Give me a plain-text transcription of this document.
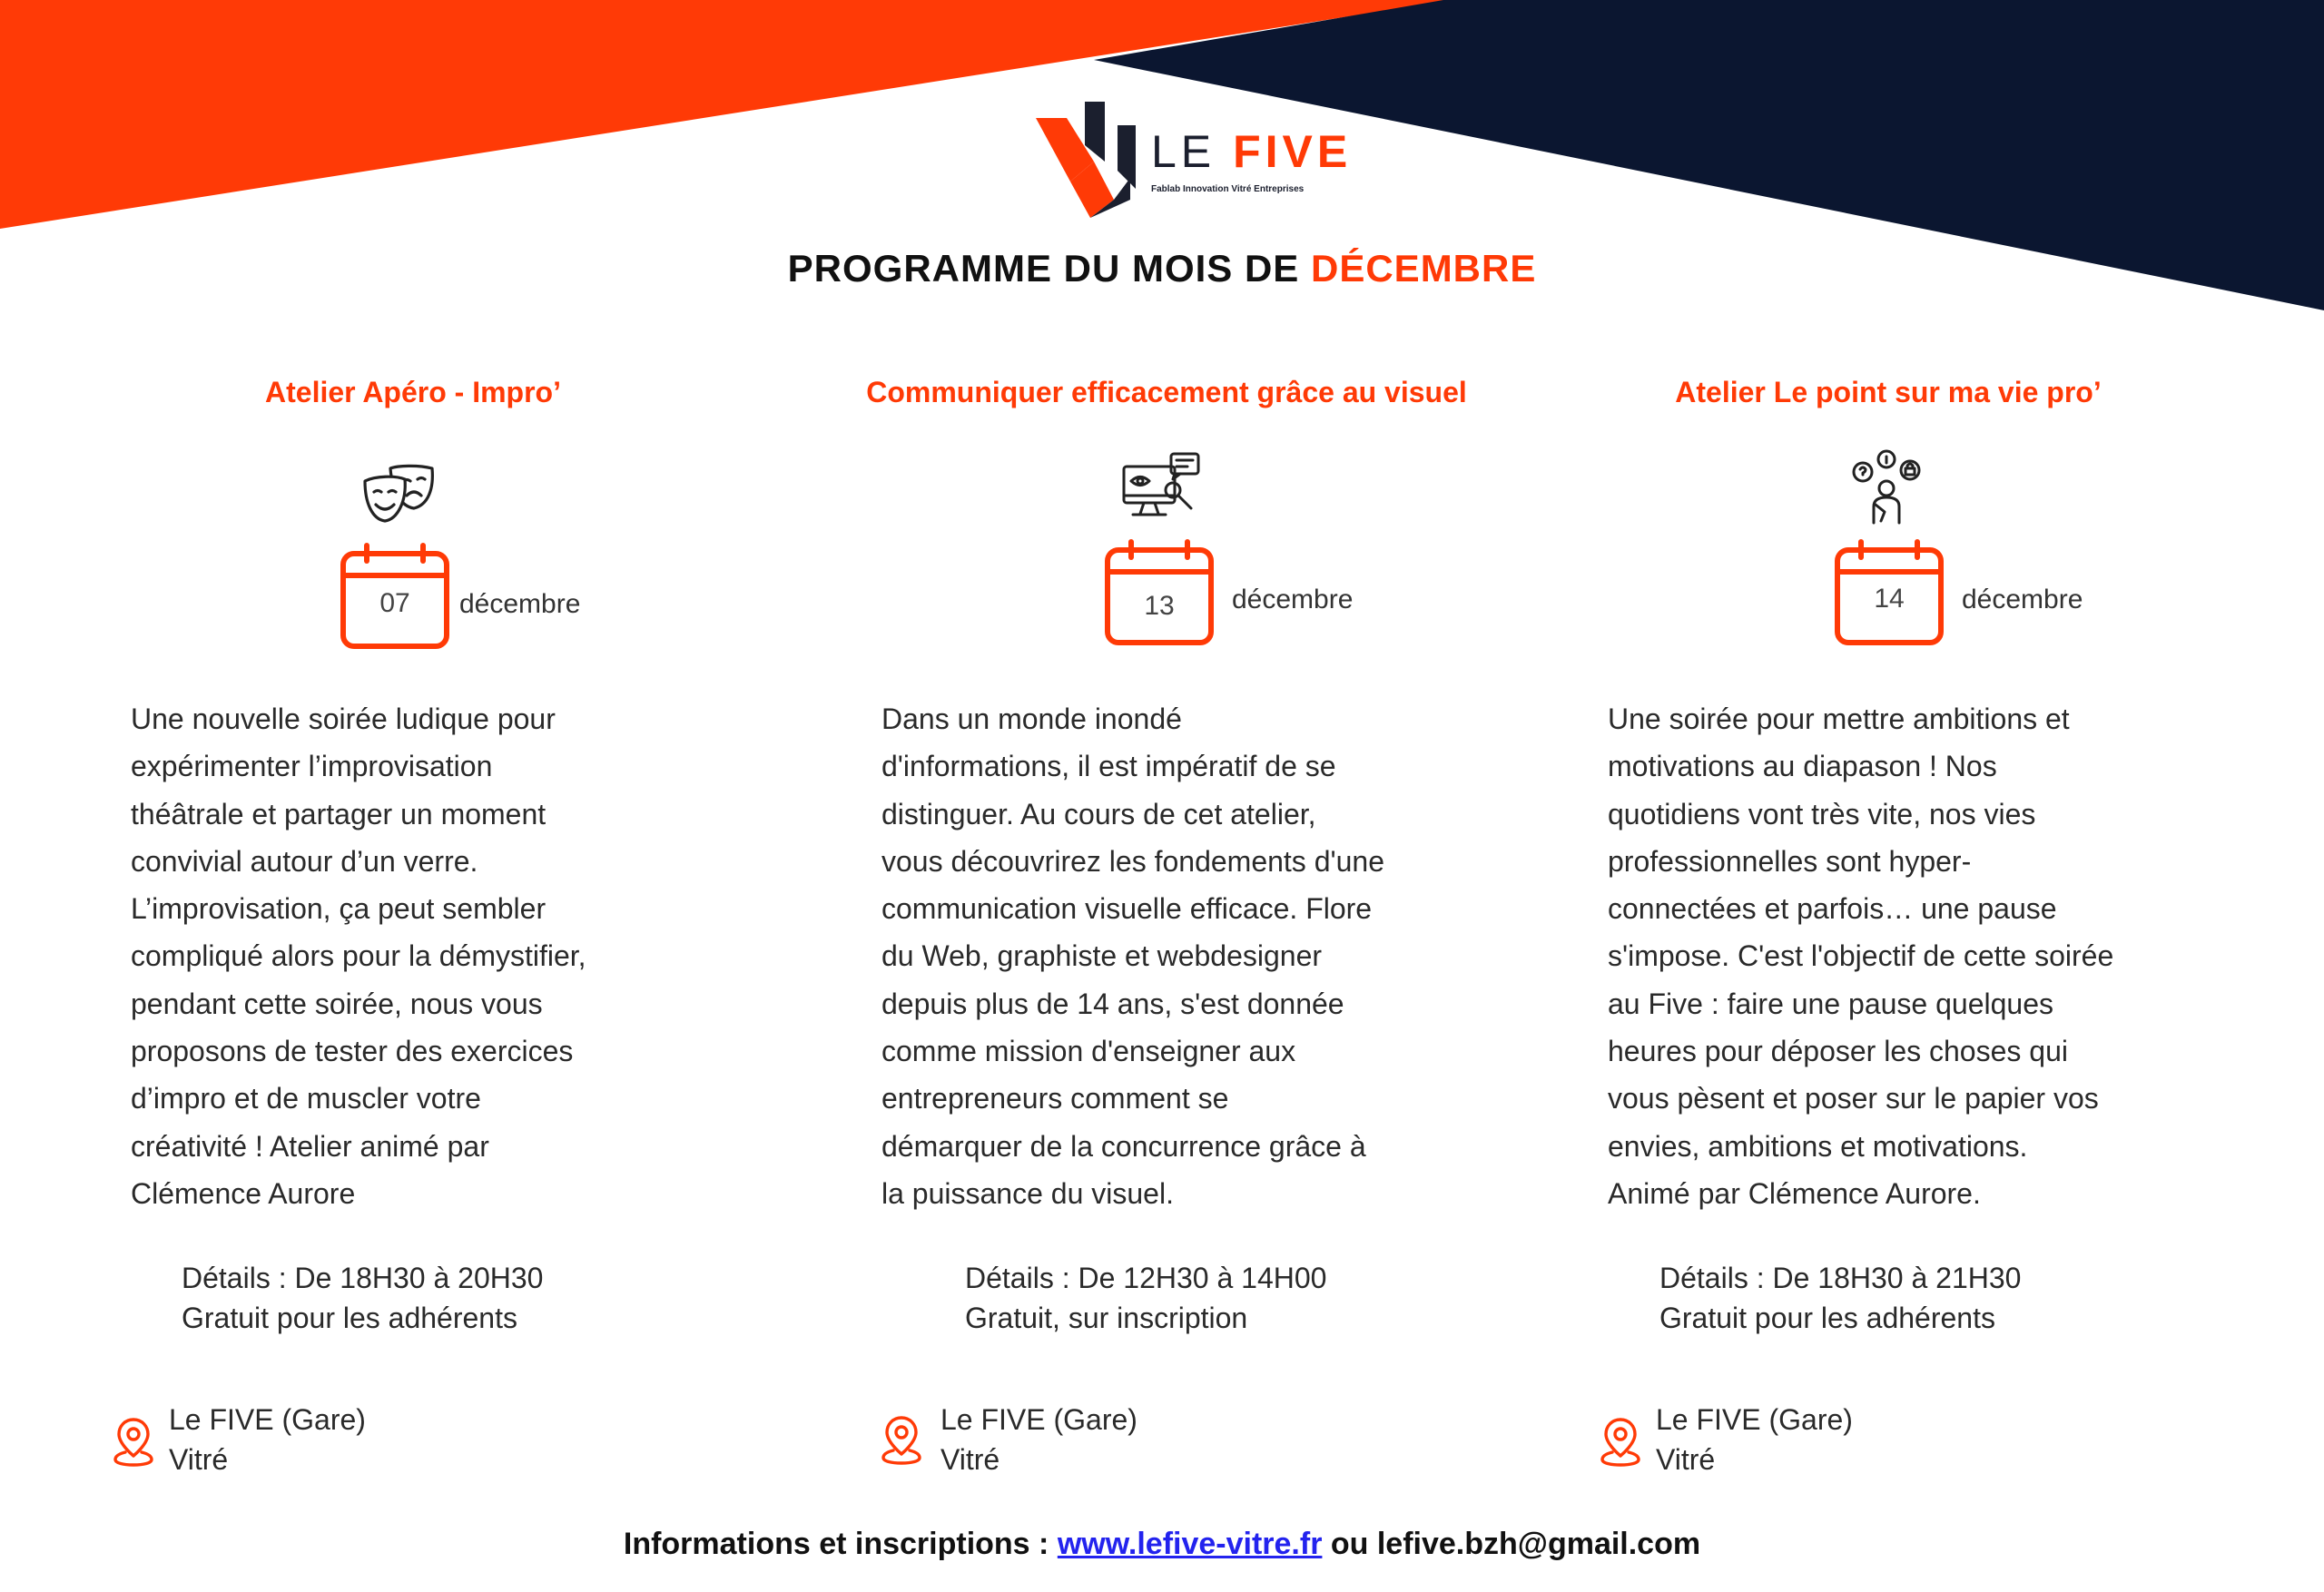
LE FIVE
Fablab Innovation Vitré Entreprises
PROGRAMME DU MOIS DE DÉCEMBRE
Atelier Apéro - Impro’
07	décembre

Une nouvelle soirée ludique pour
expérimenter l’improvisation
théâtrale et partager un moment
convivial autour d’un verre.
L’improvisation, ça peut sembler
compliqué alors pour la démystifier,
pendant cette soirée, nous vous
proposons de tester des exercices
d’impro et de muscler votre
créativité ! Atelier animé par
Clémence Aurore

Détails : De 18H30 à 20H30
Gratuit pour les adhérents
Le FIVE (Gare)
Vitré
Communiquer efficacement grâce au visuel
13	décembre

Dans un monde inondé
d'informations, il est impératif de se
distinguer. Au cours de cet atelier,
vous découvrirez les fondements d'une
communication visuelle efficace. Flore
du Web, graphiste et webdesigner
depuis plus de 14 ans, s'est donnée
comme mission d'enseigner aux
entrepreneurs comment se
démarquer de la concurrence grâce à
la puissance du visuel.

Détails : De 12H30 à 14H00
Gratuit, sur inscription
Le FIVE (Gare)
Vitré
Atelier Le point sur ma vie pro’
14	décembre

Une soirée pour mettre ambitions et
motivations au diapason ! Nos
quotidiens vont très vite, nos vies
professionnelles sont hyper-
connectées et parfois… une pause
s'impose. C'est l'objectif de cette soirée
au Five : faire une pause quelques
heures pour déposer les choses qui
vous pèsent et poser sur le papier vos
envies, ambitions et motivations.
Animé par Clémence Aurore.

Détails : De 18H30 à 21H30
Gratuit pour les adhérents
Le FIVE (Gare)
Vitré
Informations et inscriptions : www.lefive-vitre.fr ou lefive.bzh@gmail.com
